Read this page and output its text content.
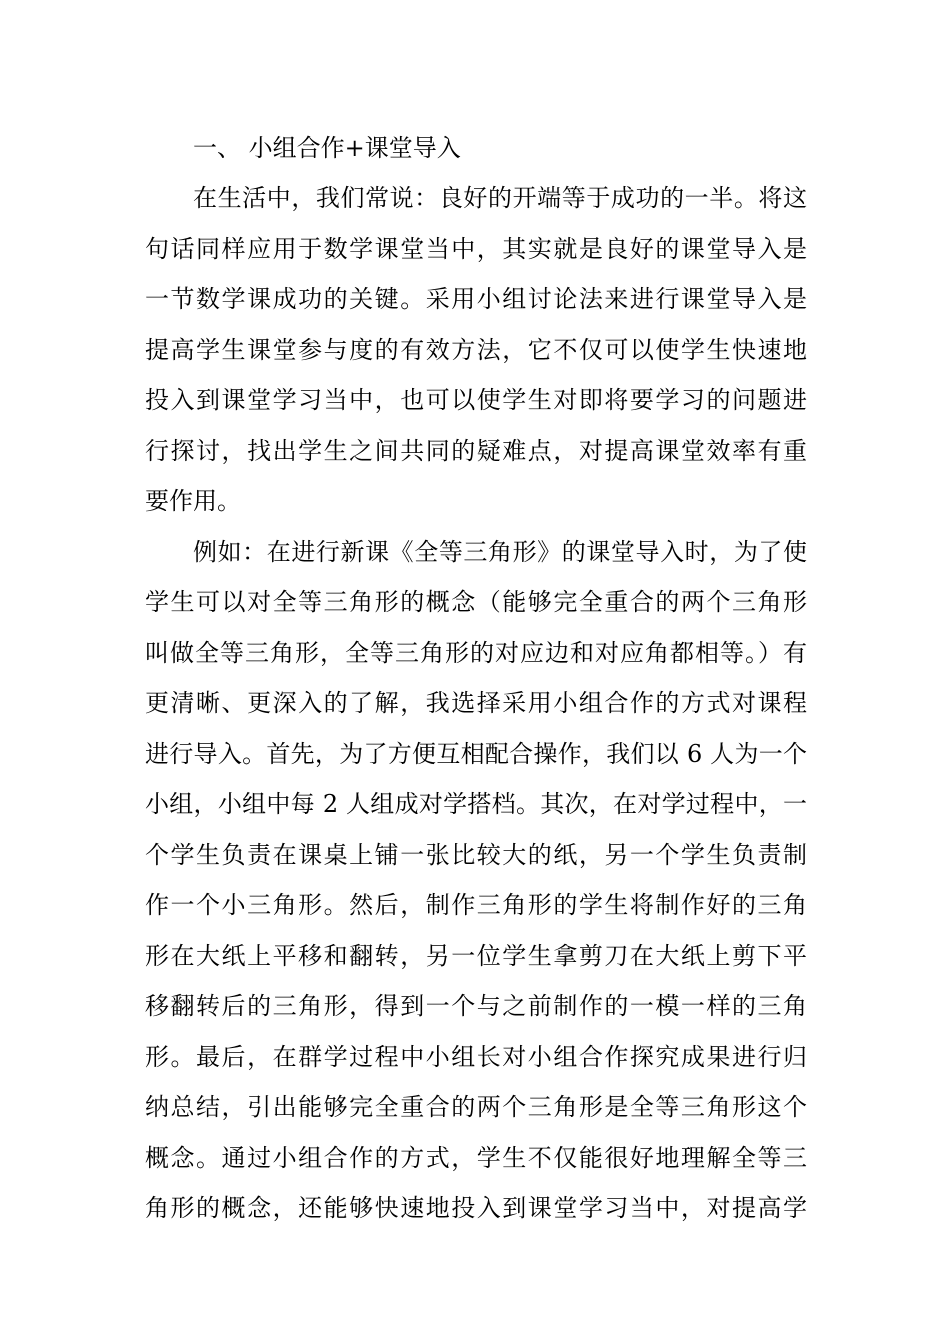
一、 小组合作+课堂导入

在生活中，我们常说：良好的开端等于成功的一半。将这

句话同样应用于数学课堂当中，其实就是良好的课堂导入是

一节数学课成功的关键。采用小组讨论法来进行课堂导入是

提高学生课堂参与度的有效方法，它不仅可以使学生快速地

投入到课堂学习当中，也可以使学生对即将要学习的问题进

行探讨，找出学生之间共同的疑难点，对提高课堂效率有重

要作用。

例如：在进行新课《全等三角形》的课堂导入时，为了使

学生可以对全等三角形的概念（能够完全重合的两个三角形

叫做全等三角形，全等三角形的对应边和对应角都相等。）有

更清晰、更深入的了解，我选择采用小组合作的方式对课程

进行导入。首先，为了方便互相配合操作，我们以 6 人为一个

小组，小组中每 2 人组成对学搭档。其次，在对学过程中，一

个学生负责在课桌上铺一张比较大的纸，另一个学生负责制

作一个小三角形。然后，制作三角形的学生将制作好的三角

形在大纸上平移和翻转，另一位学生拿剪刀在大纸上剪下平

移翻转后的三角形，得到一个与之前制作的一模一样的三角

形。最后，在群学过程中小组长对小组合作探究成果进行归

纳总结，引出能够完全重合的两个三角形是全等三角形这个

概念。通过小组合作的方式，学生不仅能很好地理解全等三

角形的概念，还能够快速地投入到课堂学习当中，对提高学
